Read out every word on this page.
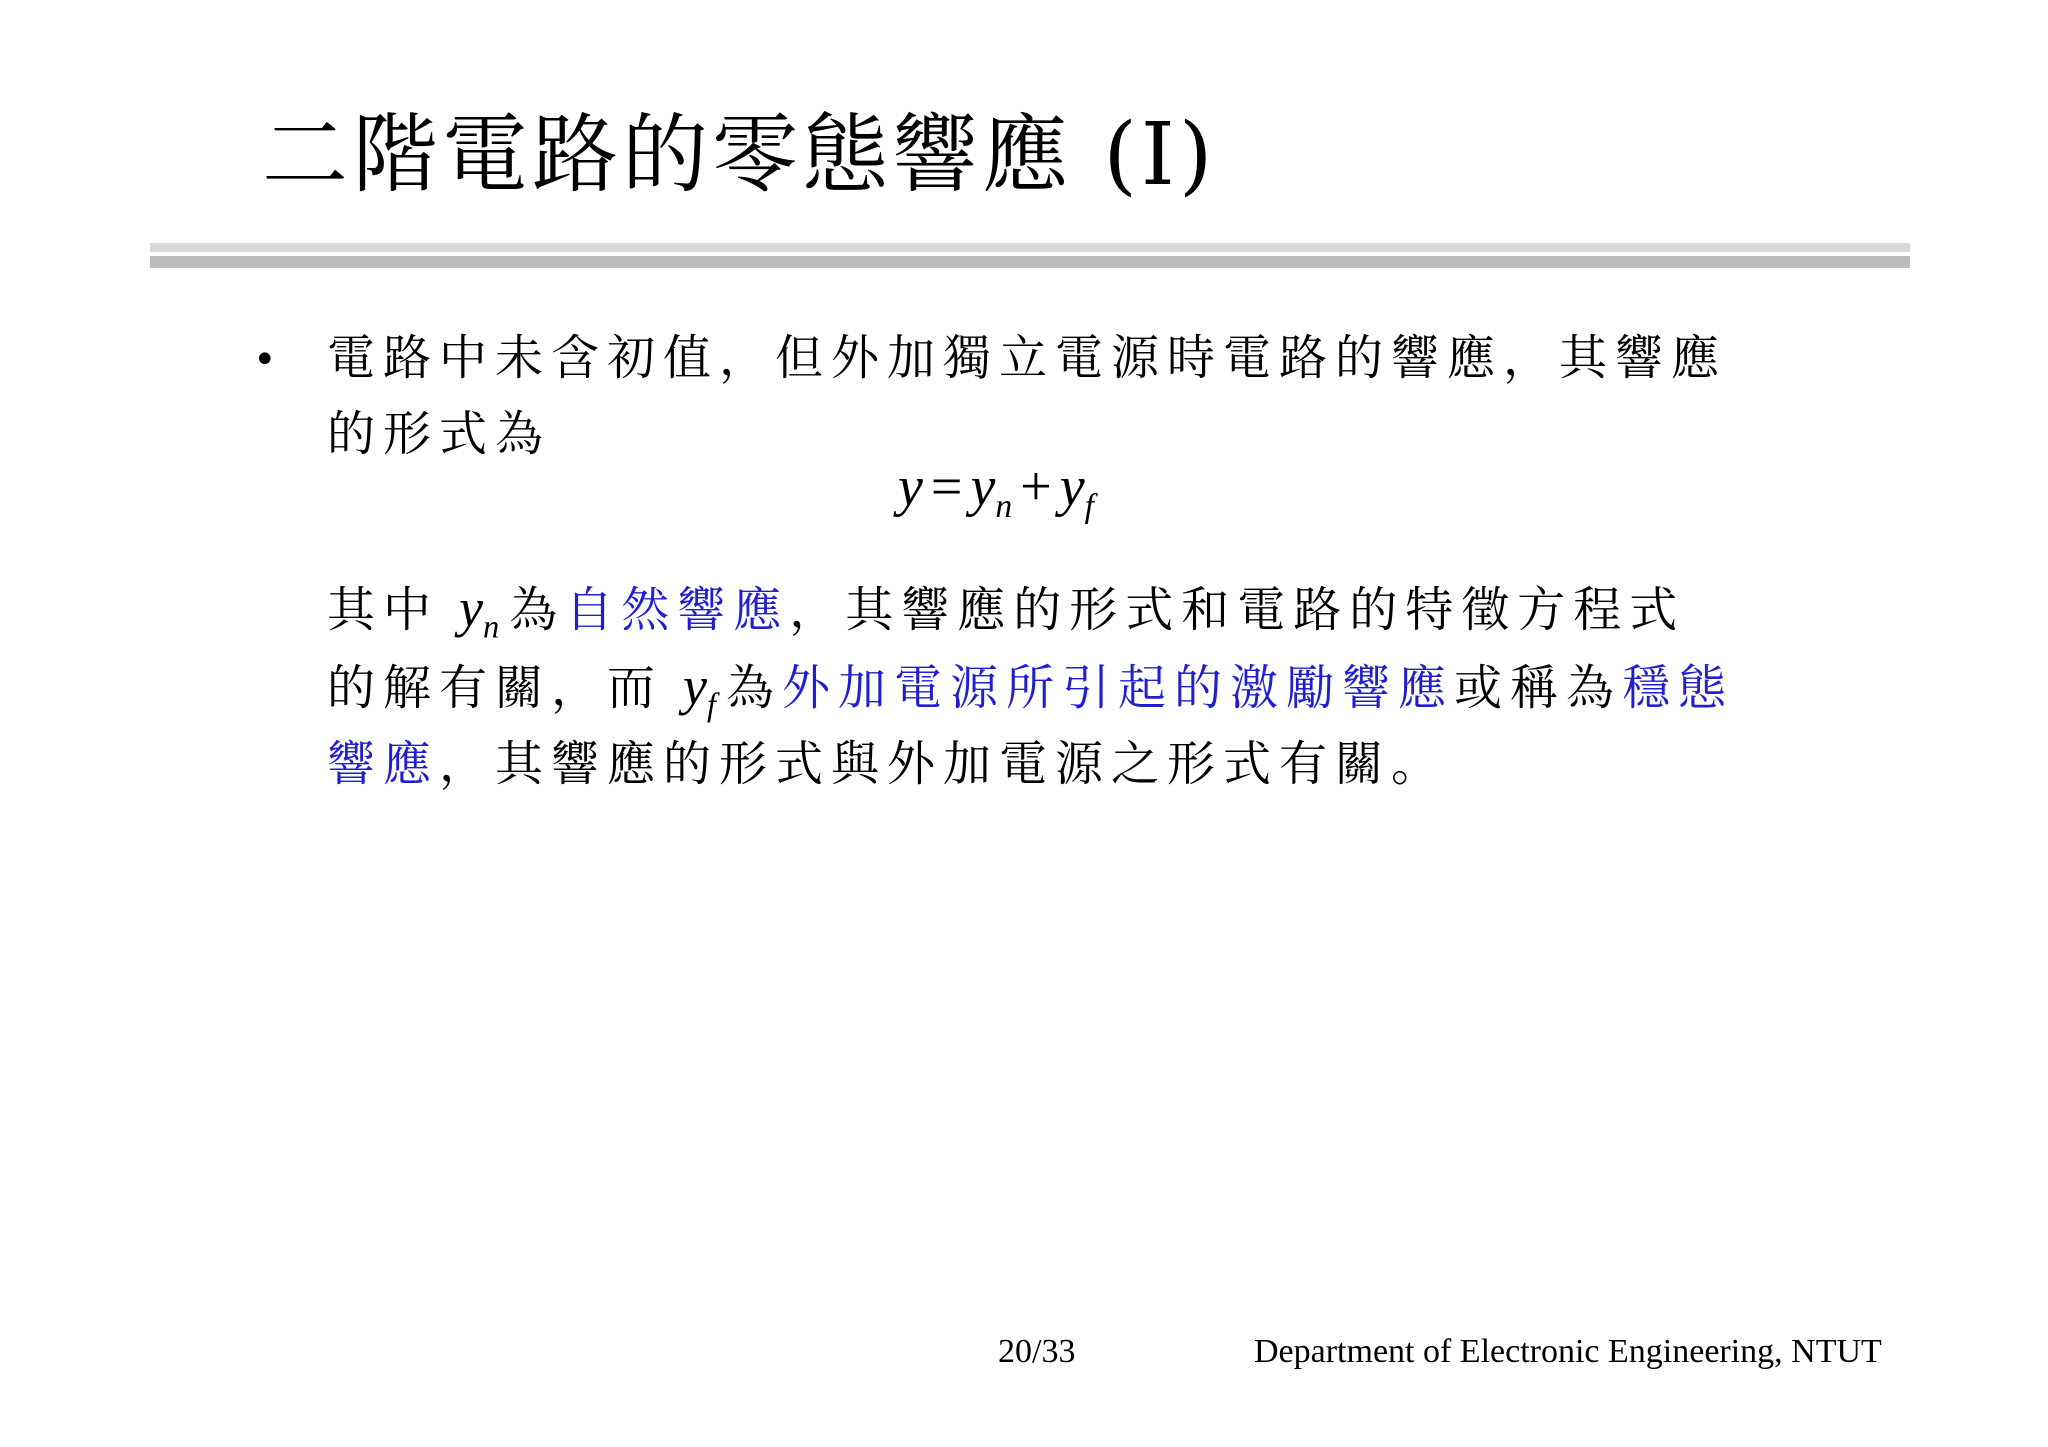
二階電路的零態響應 (I)
• 電路中未含初值，但外加獨立電源時電路的響應，其響應
的形式為
$y = y_n + y_f$
其中 $y_n$ 為自然響應，其響應的形式和電路的特徵方程式
的解有關，而 $y_f$ 為外加電源所引起的激勵響應或稱為穩態
響應，其響應的形式與外加電源之形式有關。
20/33	Department of Electronic Engineering, NTUT
